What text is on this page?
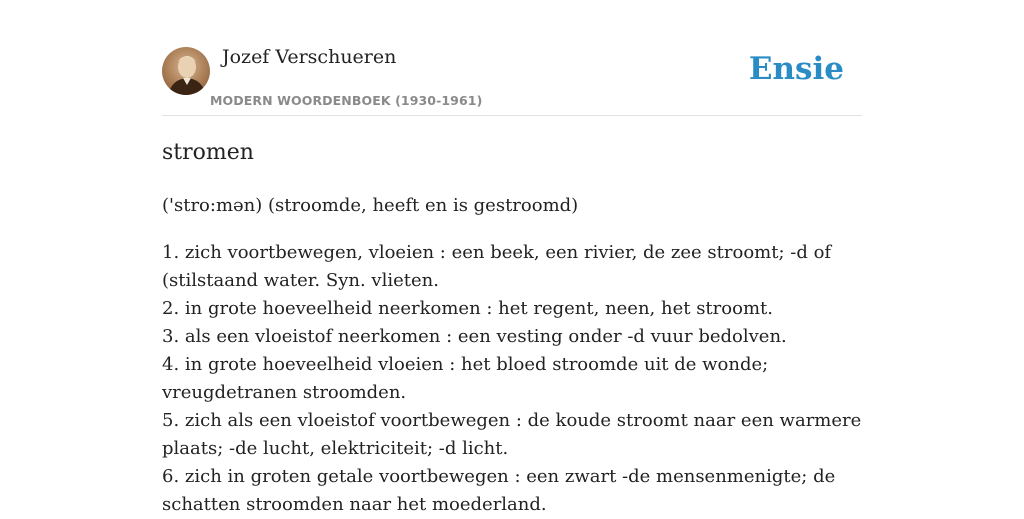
Jozef Verschueren
MODERN WOORDENBOEK (1930-1961)
Ensie
stromen
('stro:mən) (stroomde, heeft en is gestroomd)
1. zich voortbewegen, vloeien : een beek, een rivier, de zee stroomt; -d of (stilstaand water. Syn. vlieten.
2. in grote hoeveelheid neerkomen : het regent, neen, het stroomt.
3. als een vloeistof neerkomen : een vesting onder -d vuur bedolven.
4. in grote hoeveelheid vloeien : het bloed stroomde uit de wonde; vreugdetranen stroomden.
5. zich als een vloeistof voortbewegen : de koude stroomt naar een warmere plaats; -de lucht, elektriciteit; -d licht.
6. zich in groten getale voortbewegen : een zwart -de mensenmenigte; de schatten stroomden naar het moederland.
